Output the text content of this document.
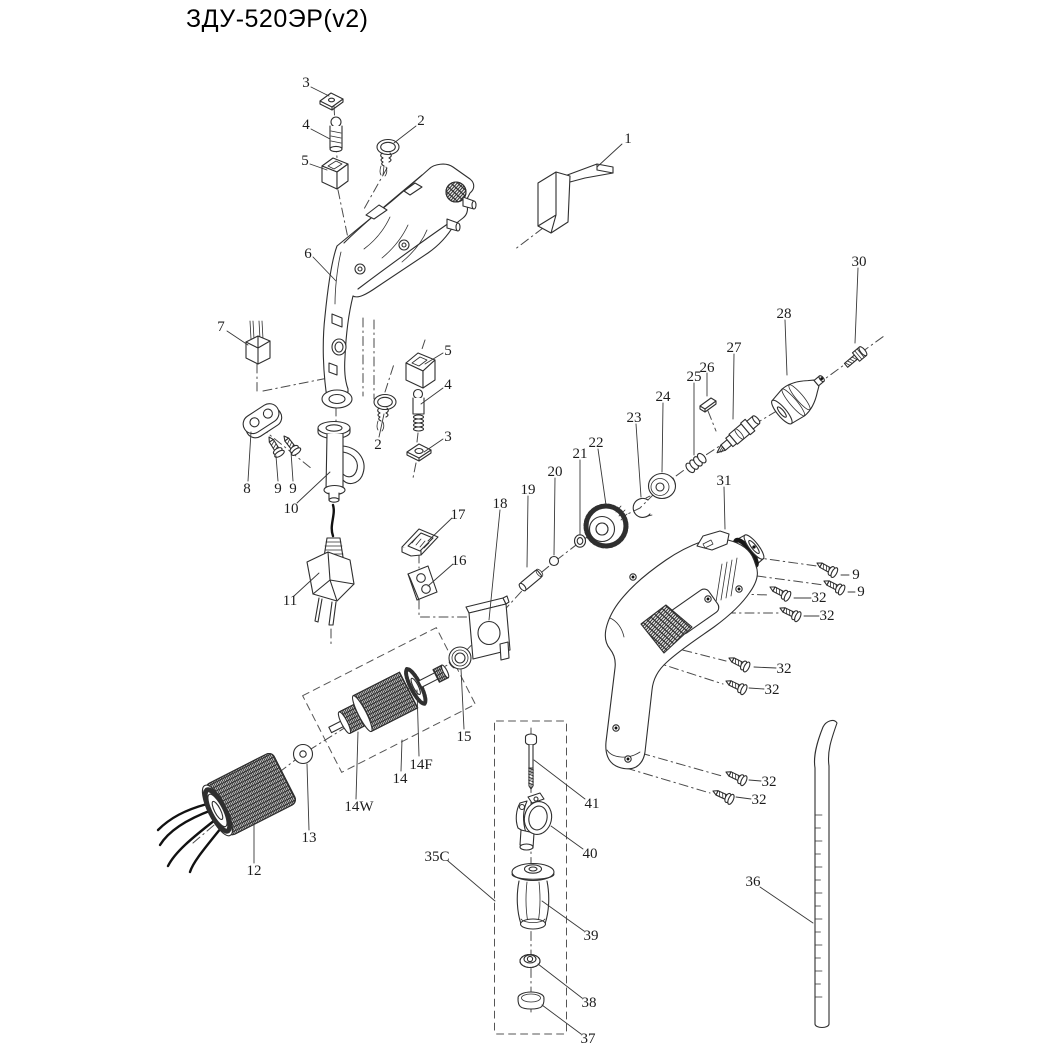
ЗДУ-520ЭР(v2)
1
2
3
4
5
6
7
2	3
4
5
8 9 9
10
11
12
13
14W
14
14F
15
16
17
18
19
20
21
22
23
24
25
26
27
28
30
31
9
9
32
32
32
32
32
32
35C
36
41
40
39
38
37
